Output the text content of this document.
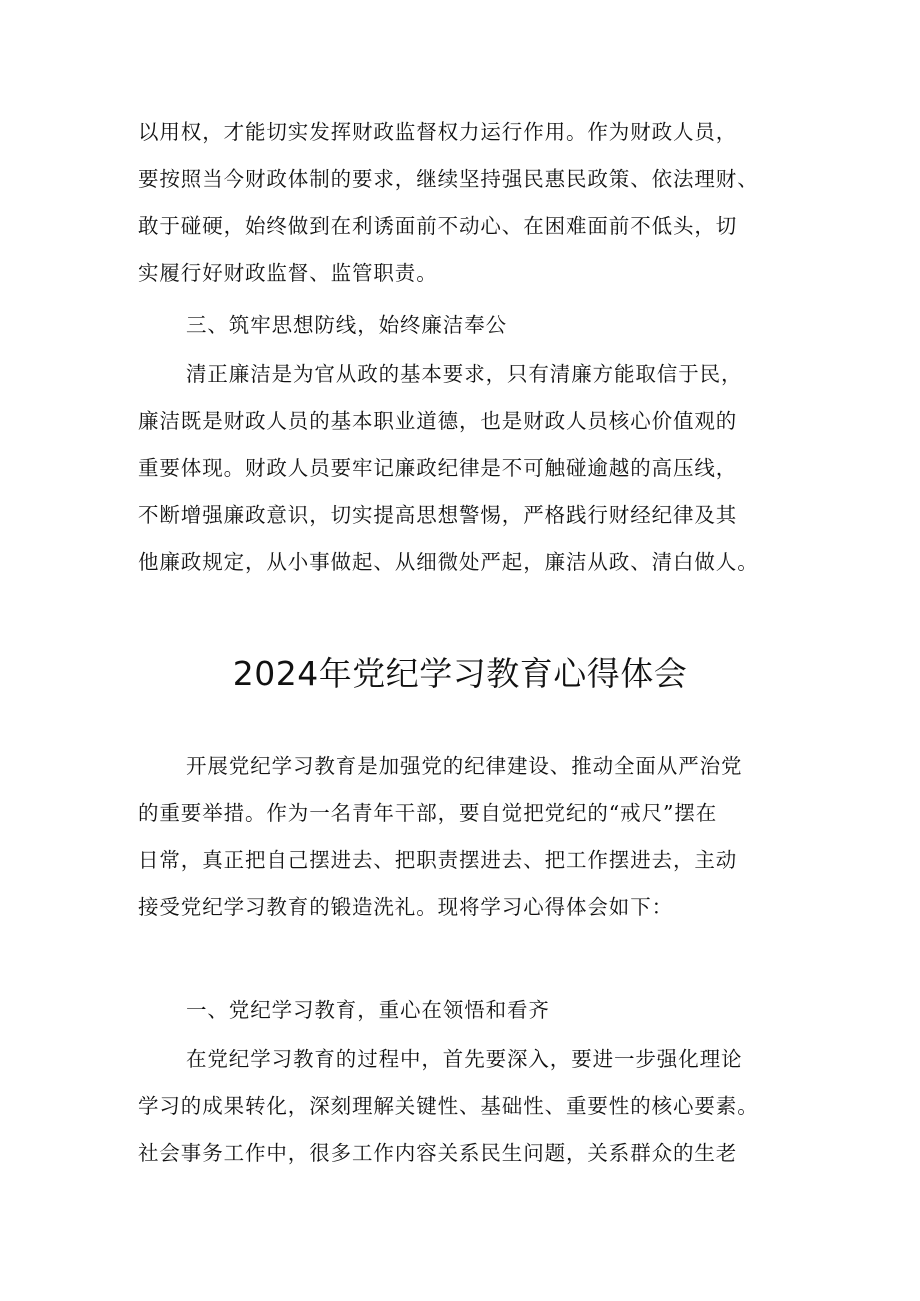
以用权，才能切实发挥财政监督权力运行作用。作为财政人员，
要按照当今财政体制的要求，继续坚持强民惠民政策、依法理财、
敢于碰硬，始终做到在利诱面前不动心、在困难面前不低头，切
实履行好财政监督、监管职责。
三、筑牢思想防线，始终廉洁奉公
清正廉洁是为官从政的基本要求，只有清廉方能取信于民，
廉洁既是财政人员的基本职业道德，也是财政人员核心价值观的
重要体现。财政人员要牢记廉政纪律是不可触碰逾越的高压线，
不断增强廉政意识，切实提高思想警惕，严格践行财经纪律及其
他廉政规定，从小事做起、从细微处严起，廉洁从政、清白做人。
2024年党纪学习教育心得体会
开展党纪学习教育是加强党的纪律建设、推动全面从严治党
的重要举措。作为一名青年干部，要自觉把党纪的“戒尺”摆在
日常，真正把自己摆进去、把职责摆进去、把工作摆进去，主动
接受党纪学习教育的锻造洗礼。现将学习心得体会如下：
一、党纪学习教育，重心在领悟和看齐
在党纪学习教育的过程中，首先要深入，要进一步强化理论
学习的成果转化，深刻理解关键性、基础性、重要性的核心要素。
社会事务工作中，很多工作内容关系民生问题，关系群众的生老
